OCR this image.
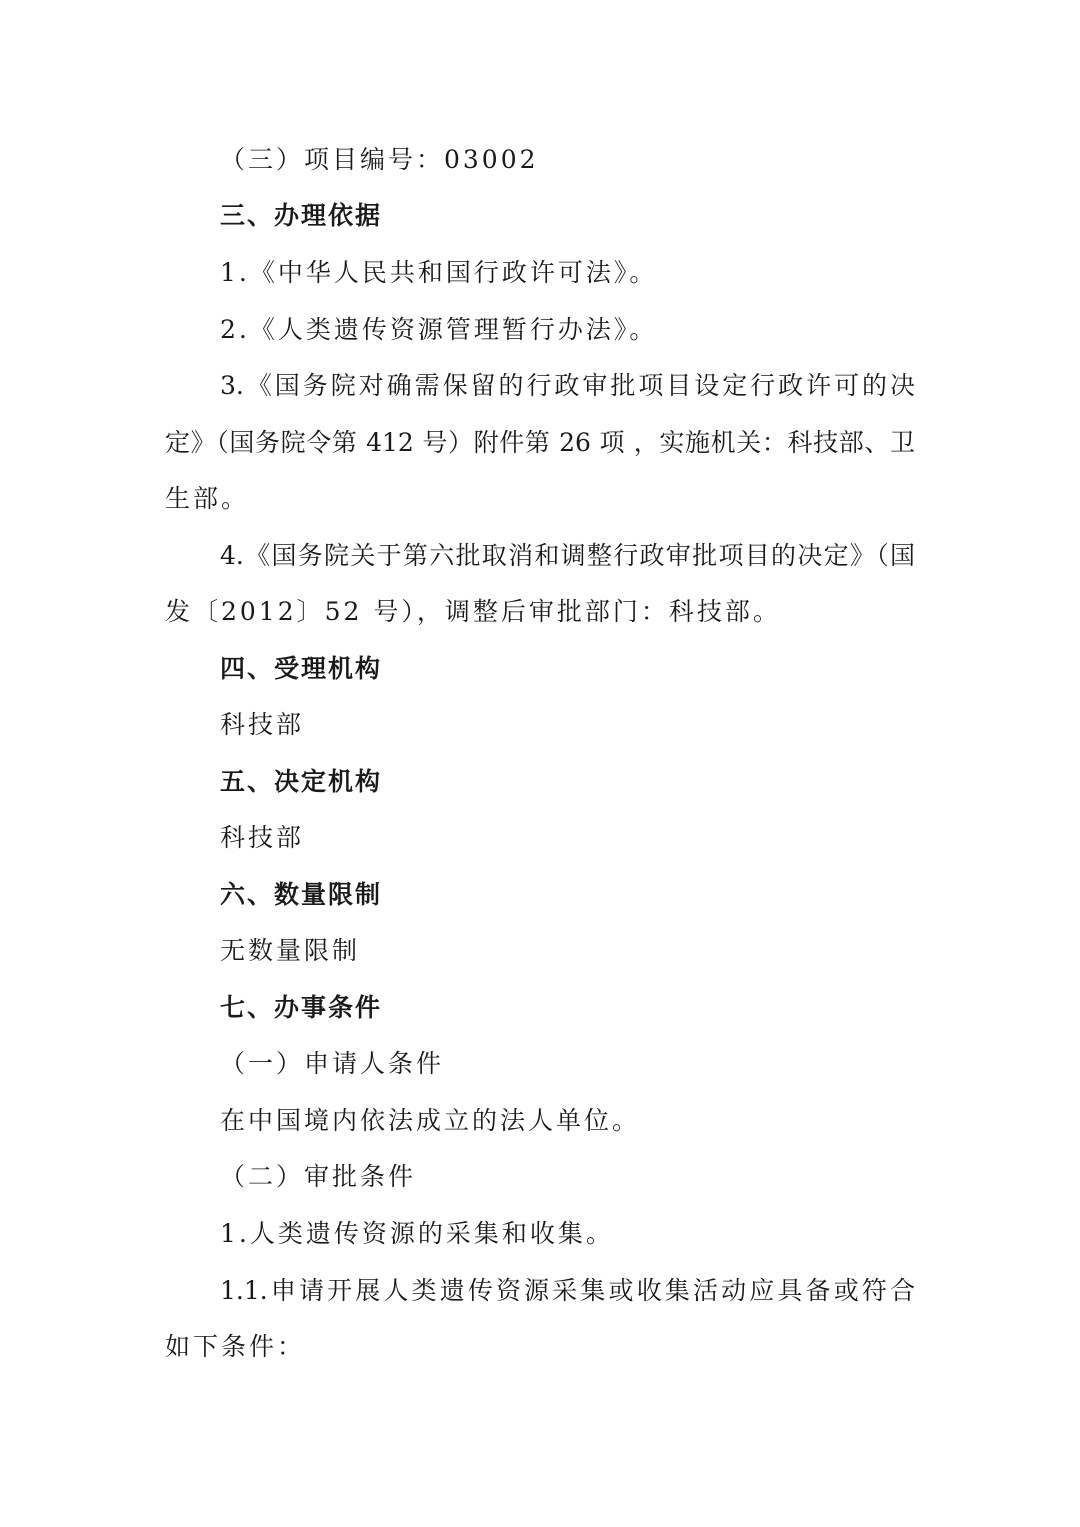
（三）项目编号：03002
三、办理依据
1.《中华人民共和国行政许可法》。
2.《人类遗传资源管理暂行办法》。
3.《国务院对确需保留的行政审批项目设定行政许可的决
定》（国务院令第 412 号）附件第 26 项 ，实施机关：科技部、卫
生部。
4.《国务院关于第六批取消和调整行政审批项目的决定》（国
发〔2012〕52 号），调整后审批部门：科技部。
四、受理机构
科技部
五、决定机构
科技部
六、数量限制
无数量限制
七、办事条件
（一）申请人条件
在中国境内依法成立的法人单位。
（二）审批条件
1.人类遗传资源的采集和收集。
1.1.申请开展人类遗传资源采集或收集活动应具备或符合
如下条件：
